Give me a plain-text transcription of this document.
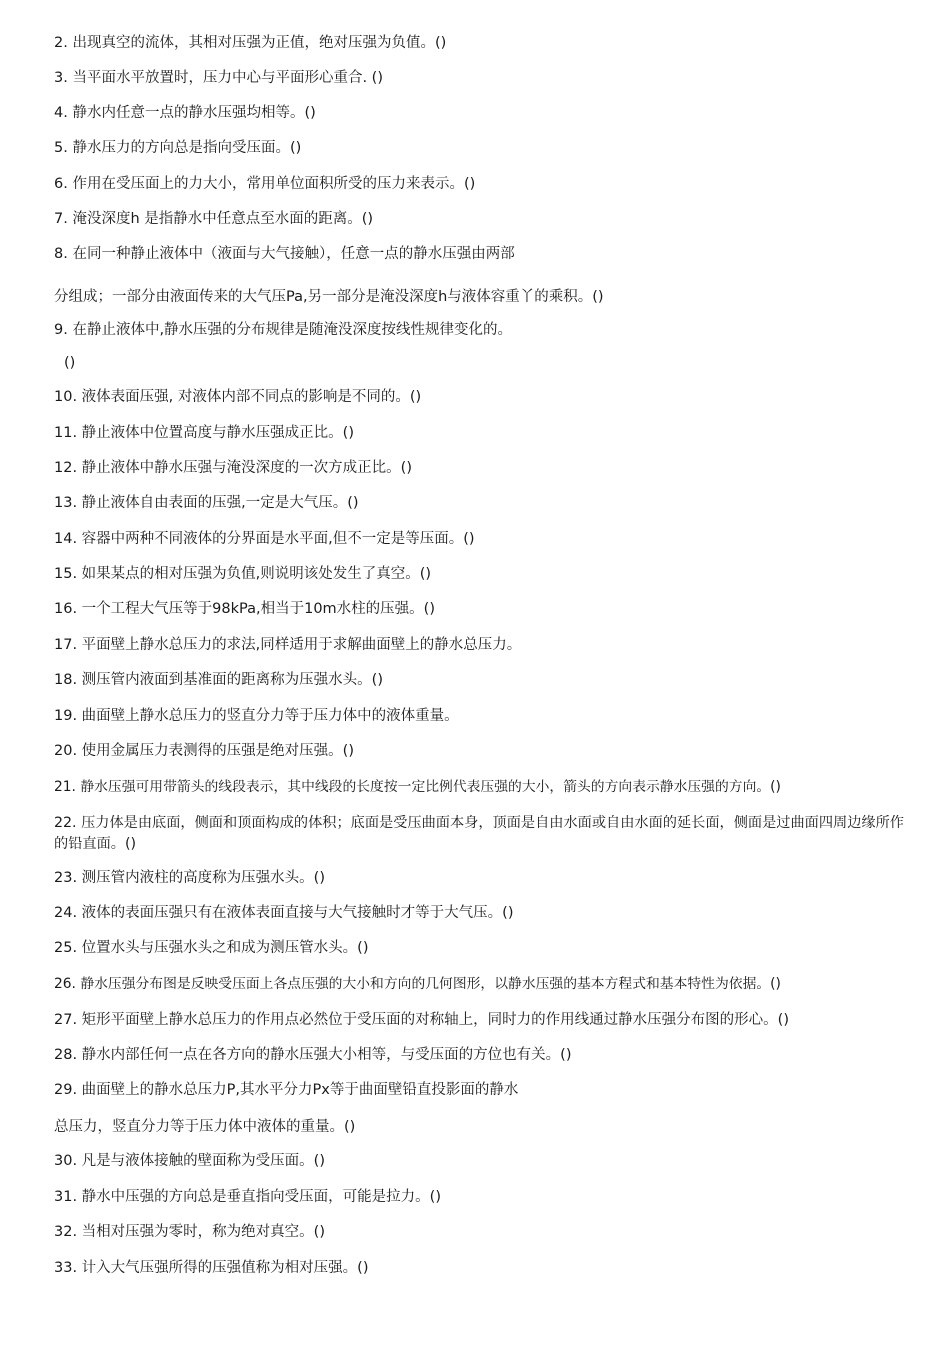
2. 出现真空的流体，其相对压强为正值，绝对压强为负值。()
3. 当平面水平放置时，压力中心与平面形心重合. ()
4. 静水内任意一点的静水压强均相等。()
5. 静水压力的方向总是指向受压面。()
6. 作用在受压面上的力大小，常用单位面积所受的压力来表示。()
7. 淹没深度h 是指静水中任意点至水面的距离。()
8. 在同一种静止液体中（液面与大气接触），任意一点的静水压强由两部
分组成；一部分由液面传来的大气压Pa,另一部分是淹没深度h与液体容重丫的乘积。()
9. 在静止液体中,静水压强的分布规律是随淹没深度按线性规律变化的。
()
10. 液体表面压强, 对液体内部不同点的影响是不同的。()
11. 静止液体中位置高度与静水压强成正比。()
12. 静止液体中静水压强与淹没深度的一次方成正比。()
13. 静止液体自由表面的压强,一定是大气压。()
14. 容器中两种不同液体的分界面是水平面,但不一定是等压面。()
15. 如果某点的相对压强为负值,则说明该处发生了真空。()
16. 一个工程大气压等于98kPa,相当于10m水柱的压强。()
17. 平面壁上静水总压力的求法,同样适用于求解曲面壁上的静水总压力。
18. 测压管内液面到基准面的距离称为压强水头。()
19. 曲面壁上静水总压力的竖直分力等于压力体中的液体重量。
20. 使用金属压力表测得的压强是绝对压强。()
21. 静水压强可用带箭头的线段表示，其中线段的长度按一定比例代表压强的大小，箭头的方向表示静水压强的方向。()
22. 压力体是由底面，侧面和顶面构成的体积；底面是受压曲面本身，顶面是自由水面或自由水面的延长面，侧面是过曲面四周边缘所作的铅直面。()
23. 测压管内液柱的高度称为压强水头。()
24. 液体的表面压强只有在液体表面直接与大气接触时才等于大气压。()
25. 位置水头与压强水头之和成为测压管水头。()
26. 静水压强分布图是反映受压面上各点压强的大小和方向的几何图形，以静水压强的基本方程式和基本特性为依据。()
27. 矩形平面壁上静水总压力的作用点必然位于受压面的对称轴上，同时力的作用线通过静水压强分布图的形心。()
28. 静水内部任何一点在各方向的静水压强大小相等，与受压面的方位也有关。()
29. 曲面壁上的静水总压力P,其水平分力Px等于曲面壁铅直投影面的静水
总压力，竖直分力等于压力体中液体的重量。()
30. 凡是与液体接触的壁面称为受压面。()
31. 静水中压强的方向总是垂直指向受压面，可能是拉力。()
32. 当相对压强为零时，称为绝对真空。()
33. 计入大气压强所得的压强值称为相对压强。()
